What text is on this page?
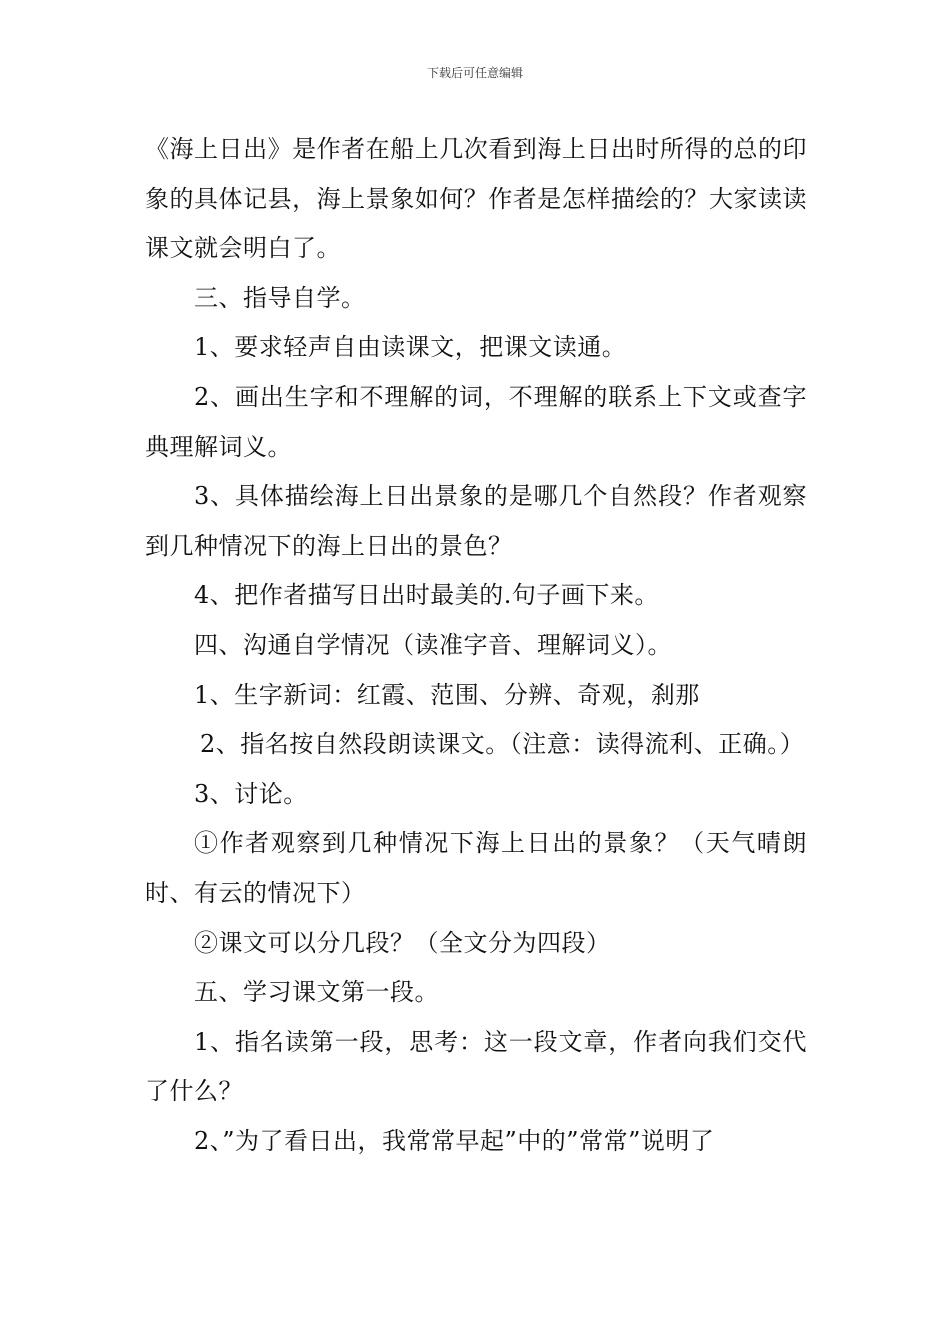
下载后可任意编辑

《海上日出》是作者在船上几次看到海上日出时所得的总的印象的具体记县，海上景象如何？作者是怎样描绘的？大家读读课文就会明白了。

三、指导自学。

1、要求轻声自由读课文，把课文读通。

2、画出生字和不理解的词，不理解的联系上下文或查字典理解词义。

3、具体描绘海上日出景象的是哪几个自然段？作者观察到几种情况下的海上日出的景色？

4、把作者描写日出时最美的.句子画下来。

四、沟通自学情况（读准字音、理解词义）。

1、生字新词：红霞、范围、分辨、奇观，刹那

2、指名按自然段朗读课文。（注意：读得流利、正确。）

3、讨论。

①作者观察到几种情况下海上日出的景象？（天气晴朗时、有云的情况下）

②课文可以分几段？（全文分为四段）

五、学习课文第一段。

1、指名读第一段，思考：这一段文章，作者向我们交代了什么？

2、”为了看日出，我常常早起”中的”常常”说明了
